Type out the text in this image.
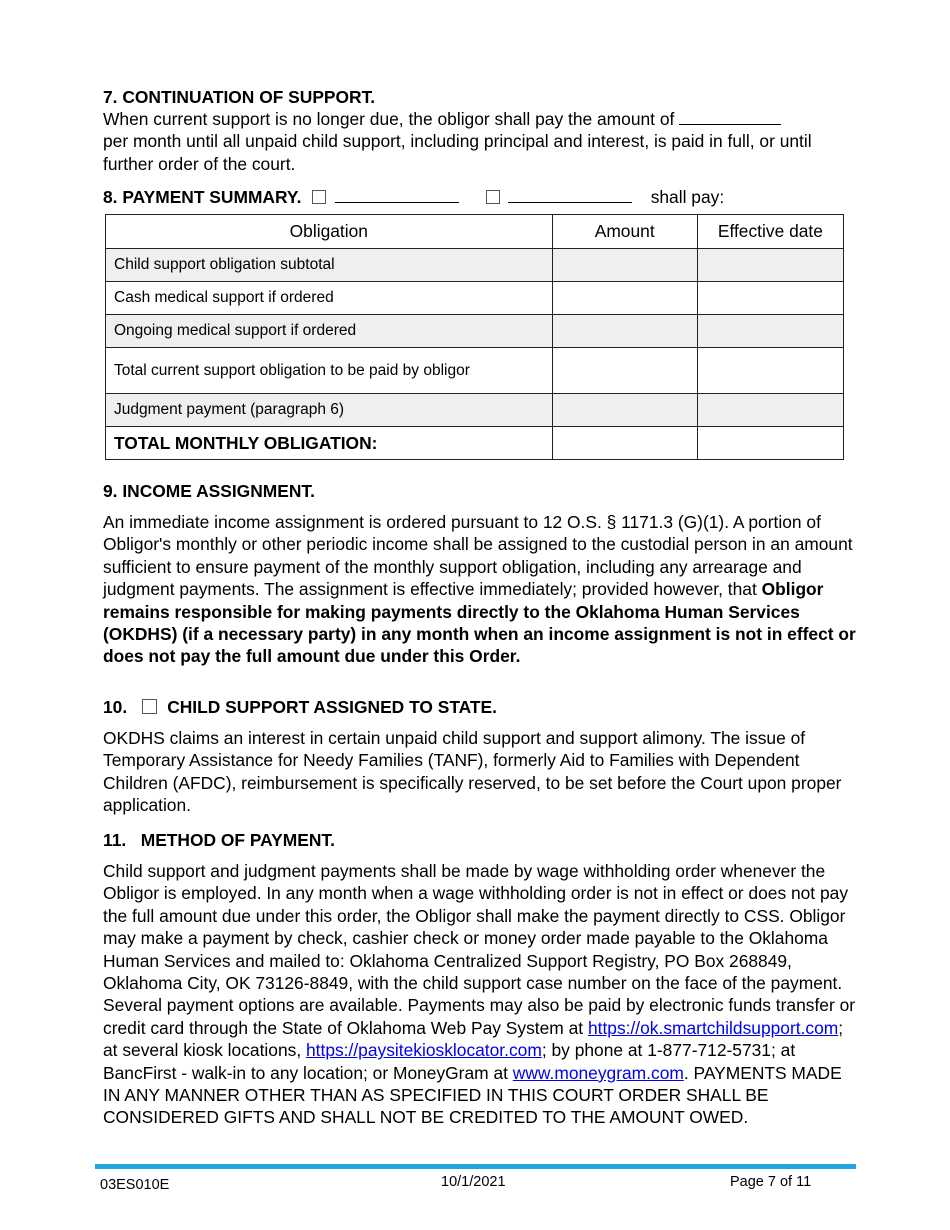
7. CONTINUATION OF SUPPORT.

When current support is no longer due, the obligor shall pay the amount of
per month until all unpaid child support, including principal and interest, is paid in full, or until further order of the court.

8. PAYMENT SUMMARY.	shall pay:
Obligation	Amount	Effective date
Child support obligation subtotal		
Cash medical support if ordered		
Ongoing medical support if ordered		
Total current support obligation to be paid by obligor		
Judgment payment (paragraph 6)		
TOTAL MONTHLY OBLIGATION:		

9. INCOME ASSIGNMENT.

An immediate income assignment is ordered pursuant to 12 O.S. § 1171.3 (G)(1). A portion of Obligor's monthly or other periodic income shall be assigned to the custodial person in an amount sufficient to ensure payment of the monthly support obligation, including any arrearage and judgment payments. The assignment is effective immediately; provided however, that Obligor remains responsible for making payments directly to the Oklahoma Human Services (OKDHS) (if a necessary party) in any month when an income assignment is not in effect or does not pay the full amount due under this Order.

10. CHILD SUPPORT ASSIGNED TO STATE.

OKDHS claims an interest in certain unpaid child support and support alimony. The issue of Temporary Assistance for Needy Families (TANF), formerly Aid to Families with Dependent Children (AFDC), reimbursement is specifically reserved, to be set before the Court upon proper application.

11.   METHOD OF PAYMENT.

Child support and judgment payments shall be made by wage withholding order whenever the Obligor is employed. In any month when a wage withholding order is not in effect or does not pay the full amount due under this order, the Obligor shall make the payment directly to CSS. Obligor may make a payment by check, cashier check or money order made payable to the Oklahoma Human Services and mailed to: Oklahoma Centralized Support Registry, PO Box 268849, Oklahoma City, OK 73126-8849, with the child support case number on the face of the payment. Several payment options are available. Payments may also be paid by electronic funds transfer or credit card through the State of Oklahoma Web Pay System at https://ok.smartchildsupport.com; at several kiosk locations, https://paysitekiosklocator.com; by phone at 1-877-712-5731; at BancFirst - walk-in to any location; or MoneyGram at www.moneygram.com. PAYMENTS MADE IN ANY MANNER OTHER THAN AS SPECIFIED IN THIS COURT ORDER SHALL BE CONSIDERED GIFTS AND SHALL NOT BE CREDITED TO THE AMOUNT OWED.

03ES010E	10/1/2021	Page 7 of 11
